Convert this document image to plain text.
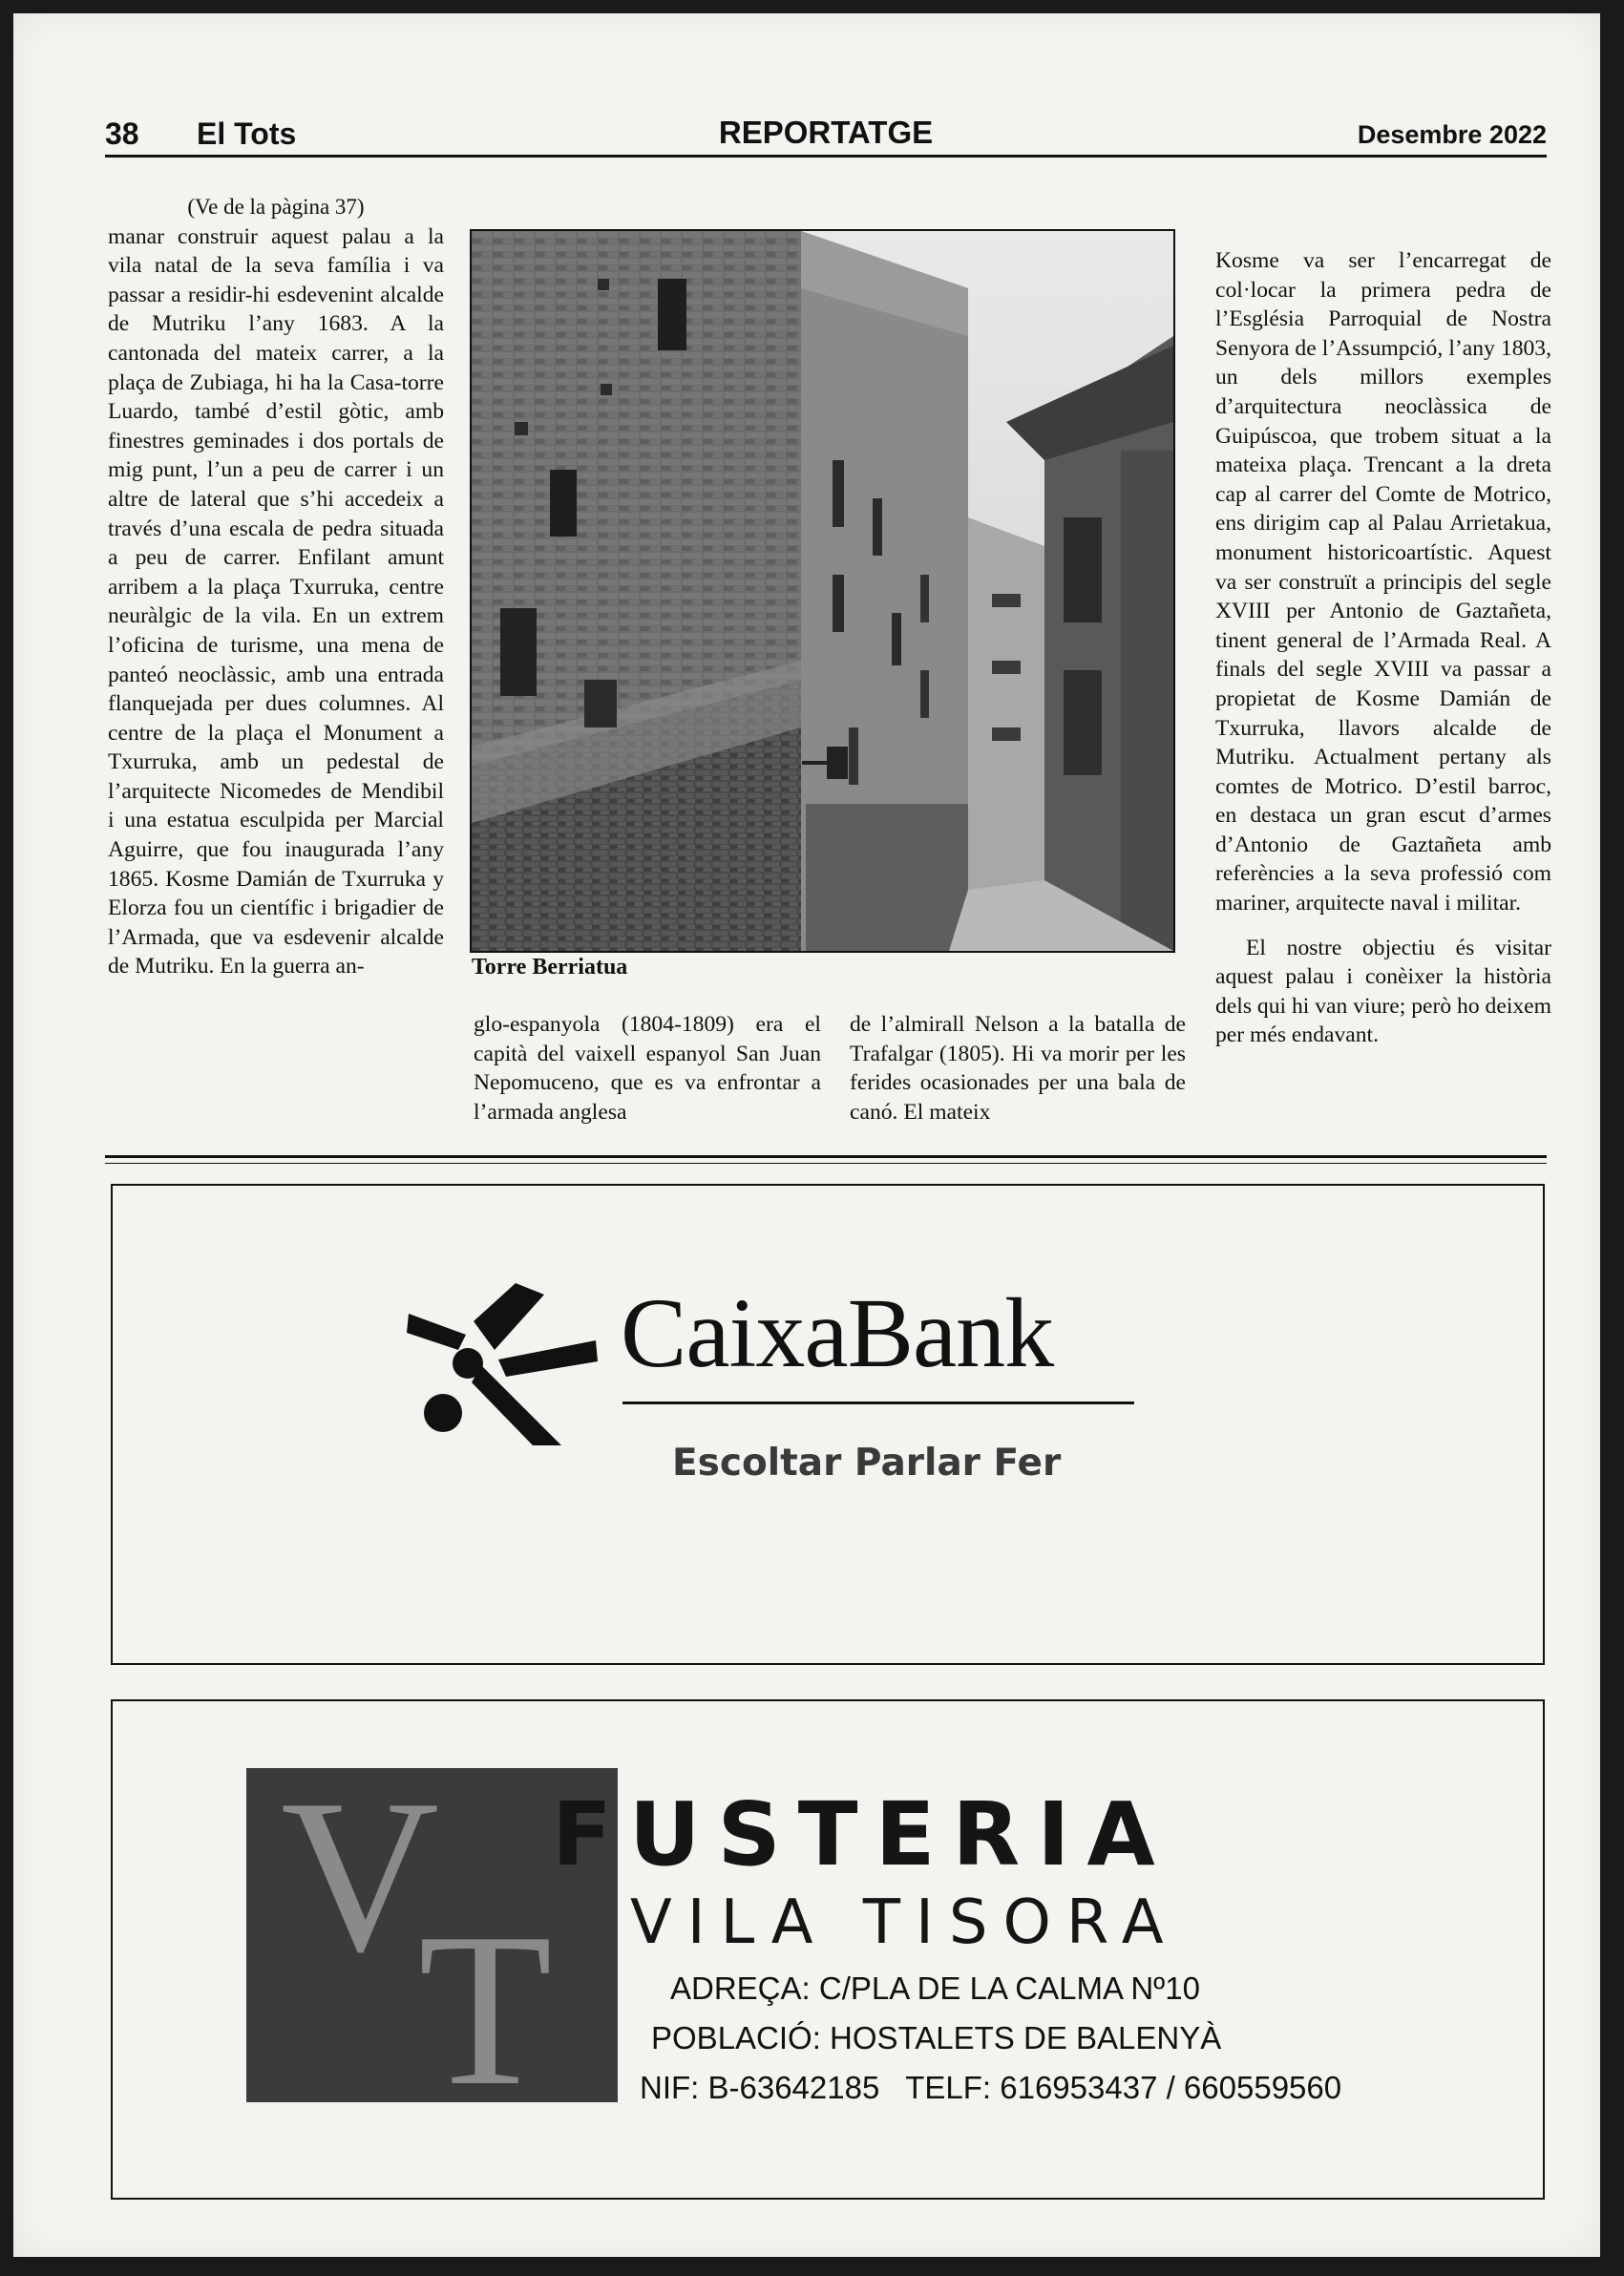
38 El Tots	REPORTATGE	Desembre 2022

(Ve de la pàgina 37)

manar construir aquest palau a la vila natal de la seva família i va passar a residir-hi esdevenint alcalde de Mutriku l’any 1683. A la cantonada del mateix carrer, a la plaça de Zubiaga, hi ha la Casa-torre Luardo, també d’estil gòtic, amb finestres geminades i dos portals de mig punt, l’un a peu de carrer i un altre de lateral que s’hi accedeix a través d’una escala de pedra situada a peu de carrer. Enfilant amunt arribem a la plaça Txurruka, centre neuràlgic de la vila. En un extrem l’oficina de turisme, una mena de panteó neoclàssic, amb una entrada flanquejada per dues columnes. Al centre de la plaça el Monument a Txurruka, amb un pedestal de l’arquitecte Nicomedes de Mendibil i una estatua esculpida per Marcial Aguirre, que fou inaugurada l’any 1865. Kosme Damián de Txurruka y Elorza fou un científic i brigadier de l’Armada, que va esdevenir alcalde de Mutriku. En la guerra an-	Torre Berriatua

glo-espanyola (1804-1809) era el capità del vaixell espanyol San Juan Nepomuceno, que es va enfrontar a l’armada anglesa

de l’almirall Nelson a la batalla de Trafalgar (1805). Hi va morir per les ferides ocasionades per una bala de canó. El mateix

Kosme va ser l’encarregat de col·locar la primera pedra de l’Església Parroquial de Nostra Senyora de l’Assumpció, l’any 1803, un dels millors exemples d’arquitectura neoclàssica de Guipúscoa, que trobem situat a la mateixa plaça. Trencant a la dreta cap al carrer del Comte de Motrico, ens dirigim cap al Palau Arrietakua, monument historicoartístic. Aquest va ser construït a principis del segle XVIII per Antonio de Gaztañeta, tinent general de l’Armada Real. A finals del segle XVIII va passar a propietat de Kosme Damián de Txurruka, llavors alcalde de Mutriku. Actualment pertany als comtes de Motrico. D’estil barroc, en destaca un gran escut d’armes d’Antonio de Gaztañeta amb referències a la seva professió com mariner, arquitecte naval i militar.

El nostre objectiu és visitar aquest palau i conèixer la història dels qui hi van viure; però ho deixem per més endavant.

CaixaBank
Escoltar Parlar Fer
V
T
FUSTERIA
VILA TISORA
ADREÇA: C/PLA DE LA CALMA Nº10
POBLACIÓ: HOSTALETS DE BALENYÀ
NIF: B-63642185   TELF: 616953437 / 660559560
